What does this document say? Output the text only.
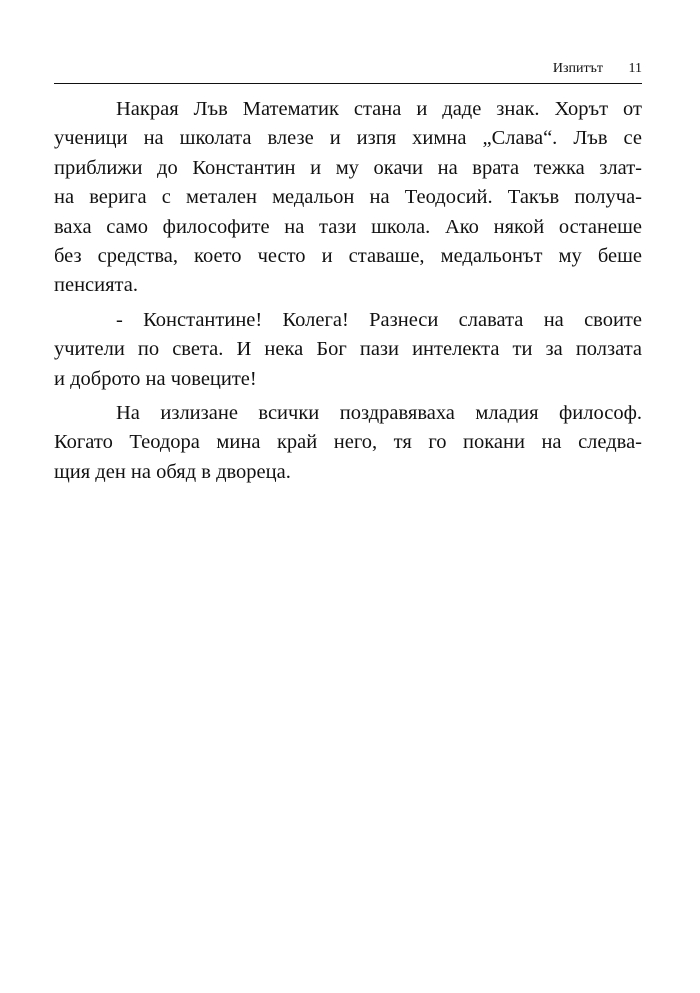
Изпитът 11
Накрая Лъв Математик стана и даде знак. Хорът от
ученици на школата влезе и изпя химна „Слава“. Лъв се
приближи до Константин и му окачи на врата тежка злат-
на верига с метален медальон на Теодосий. Такъв получа-
ваха само философите на тази школа. Ако някой останеше
без средства, което често и ставаше, медальонът му беше
пенсията.
- Константине! Колега! Разнеси славата на своите
учители по света. И нека Бог пази интелекта ти за ползата
и доброто на човеците!
На излизане всички поздравяваха младия философ.
Когато Теодора мина край него, тя го покани на следва-
щия ден на обяд в двореца.
